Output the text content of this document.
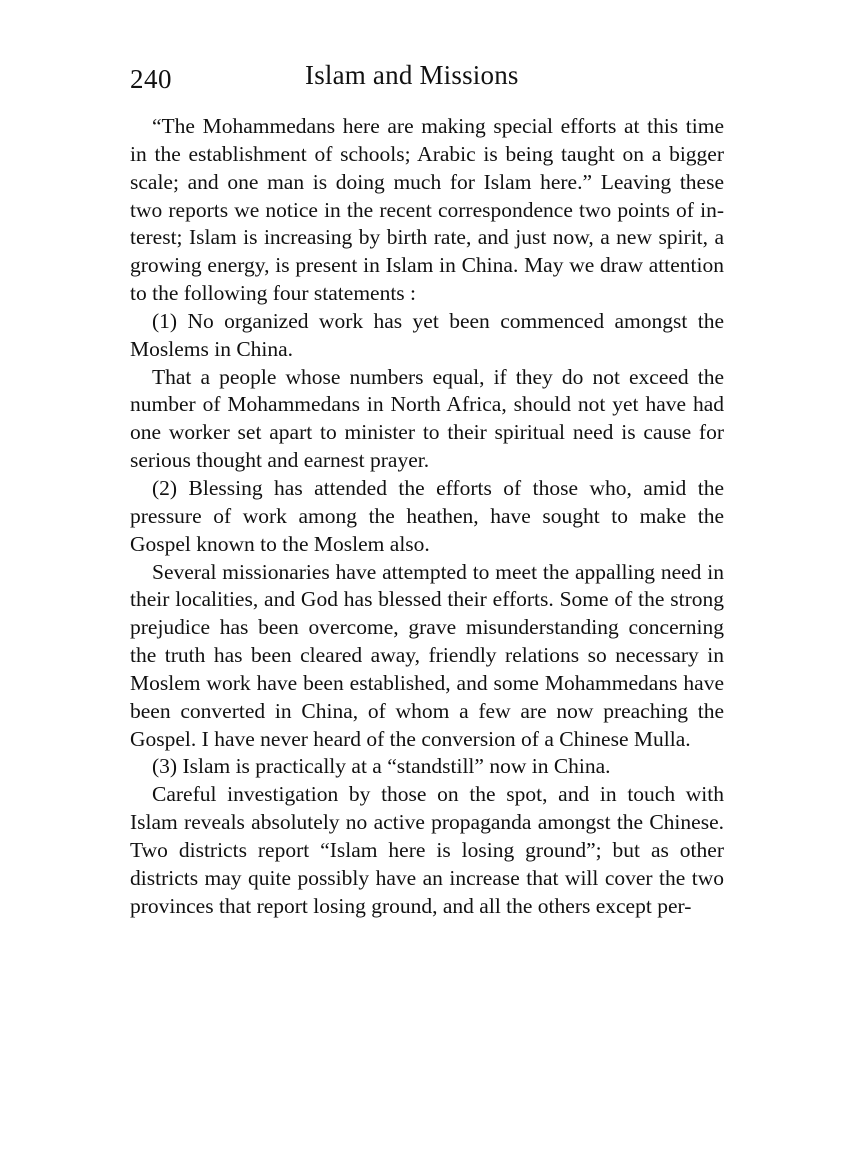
240	Islam and Missions

“The Mohammedans here are making special efforts at this time in the establishment of schools; Arabic is being taught on a bigger scale; and one man is doing much for Islam here.” Leaving these two reports we notice in the recent correspondence two points of interest; Islam is increasing by birth rate, and just now, a new spirit, a growing energy, is present in Islam in China. May we draw attention to the following four statements :

(1) No organized work has yet been commenced amongst the Moslems in China.

That a people whose numbers equal, if they do not exceed the number of Mohammedans in North Africa, should not yet have had one worker set apart to minister to their spiritual need is cause for serious thought and earnest prayer.

(2) Blessing has attended the efforts of those who, amid the pressure of work among the heathen, have sought to make the Gospel known to the Moslem also.

Several missionaries have attempted to meet the appalling need in their localities, and God has blessed their efforts. Some of the strong prejudice has been overcome, grave misunderstanding concerning the truth has been cleared away, friendly relations so necessary in Moslem work have been established, and some Mohammedans have been converted in China, of whom a few are now preaching the Gospel. I have never heard of the conversion of a Chinese Mulla.

(3) Islam is practically at a “standstill” now in China.

Careful investigation by those on the spot, and in touch with Islam reveals absolutely no active propaganda amongst the Chinese. Two districts report “Islam here is losing ground”; but as other districts may quite possibly have an increase that will cover the two provinces that report losing ground, and all the others except per-
